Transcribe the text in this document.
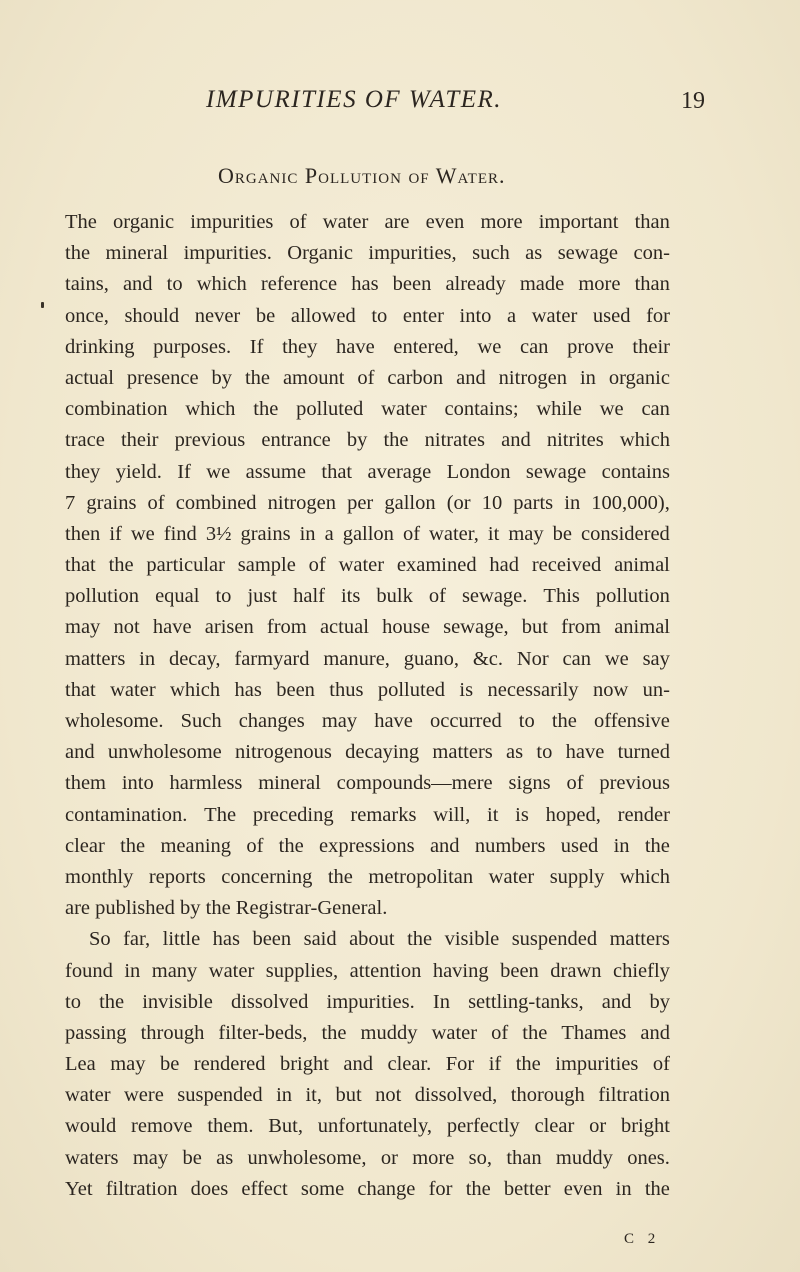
IMPURITIES OF WATER.	19
Organic Pollution of Water.
The organic impurities of water are even more important than
the mineral impurities. Organic impurities, such as sewage con-
tains, and to which reference has been already made more than
once, should never be allowed to enter into a water used for
drinking purposes. If they have entered, we can prove their
actual presence by the amount of carbon and nitrogen in organic
combination which the polluted water contains; while we can
trace their previous entrance by the nitrates and nitrites which
they yield. If we assume that average London sewage contains
7 grains of combined nitrogen per gallon (or 10 parts in 100,000),
then if we find 3½ grains in a gallon of water, it may be considered
that the particular sample of water examined had received animal
pollution equal to just half its bulk of sewage. This pollution
may not have arisen from actual house sewage, but from animal
matters in decay, farmyard manure, guano, &c. Nor can we say
that water which has been thus polluted is necessarily now un-
wholesome. Such changes may have occurred to the offensive
and unwholesome nitrogenous decaying matters as to have turned
them into harmless mineral compounds—mere signs of previous
contamination. The preceding remarks will, it is hoped, render
clear the meaning of the expressions and numbers used in the
monthly reports concerning the metropolitan water supply which
are published by the Registrar-General.
So far, little has been said about the visible suspended matters
found in many water supplies, attention having been drawn chiefly
to the invisible dissolved impurities. In settling-tanks, and by
passing through filter-beds, the muddy water of the Thames and
Lea may be rendered bright and clear. For if the impurities of
water were suspended in it, but not dissolved, thorough filtration
would remove them. But, unfortunately, perfectly clear or bright
waters may be as unwholesome, or more so, than muddy ones.
Yet filtration does effect some change for the better even in the
C 2
